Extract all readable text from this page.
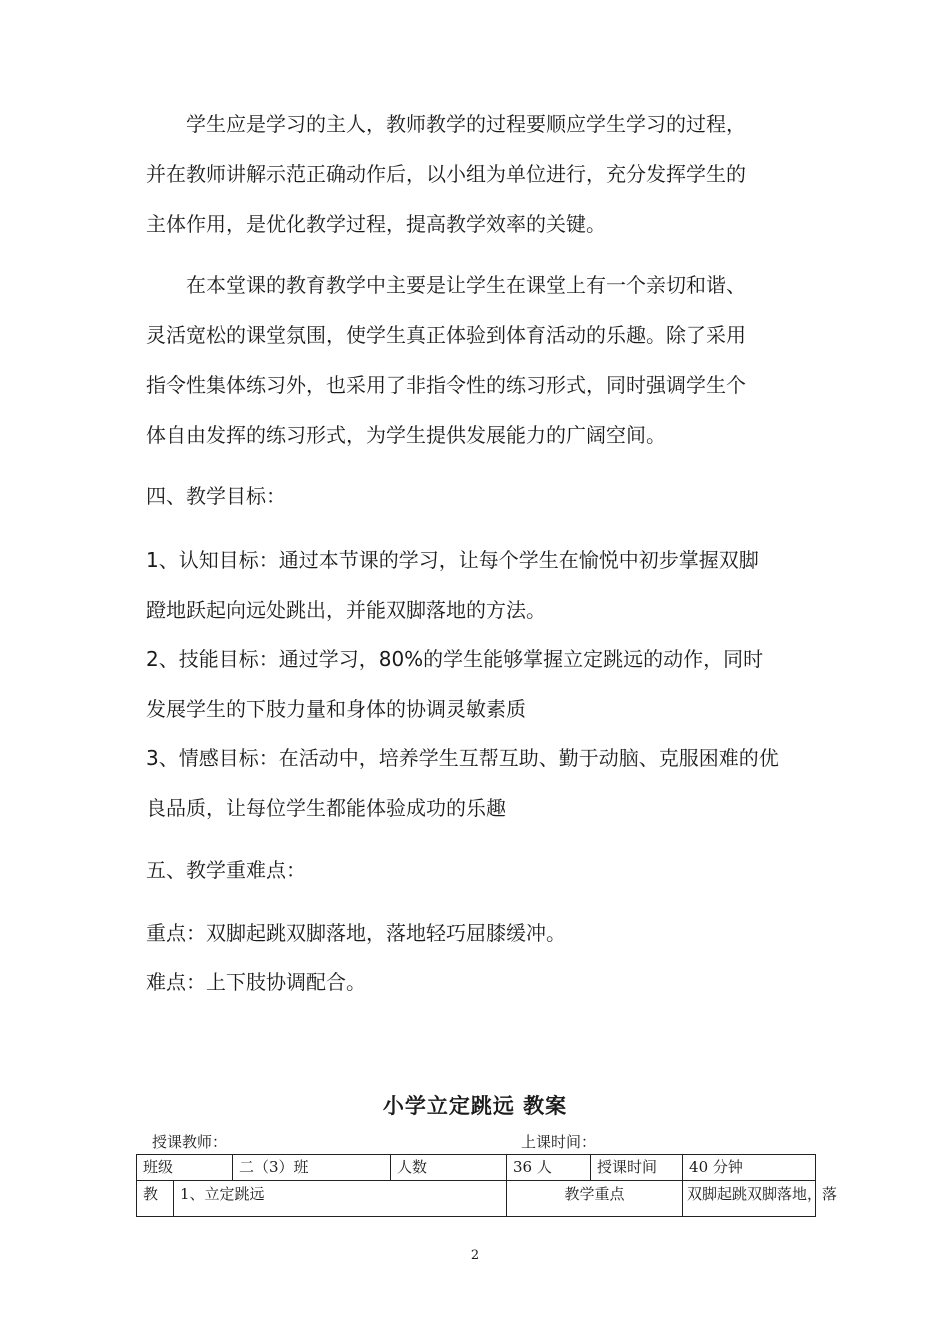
学生应是学习的主人，教师教学的过程要顺应学生学习的过程，
并在教师讲解示范正确动作后，以小组为单位进行，充分发挥学生的
主体作用，是优化教学过程，提高教学效率的关键。
在本堂课的教育教学中主要是让学生在课堂上有一个亲切和谐、
灵活宽松的课堂氛围，使学生真正体验到体育活动的乐趣。除了采用
指令性集体练习外，也采用了非指令性的练习形式，同时强调学生个
体自由发挥的练习形式，为学生提供发展能力的广阔空间。

四、教学目标：

1、认知目标：通过本节课的学习，让每个学生在愉悦中初步掌握双脚
蹬地跃起向远处跳出，并能双脚落地的方法。
2、技能目标：通过学习，80%的学生能够掌握立定跳远的动作，同时
发展学生的下肢力量和身体的协调灵敏素质
3、情感目标：在活动中，培养学生互帮互助、勤于动脑、克服困难的优
良品质，让每位学生都能体验成功的乐趣

五、教学重难点：

重点：双脚起跳双脚落地，落地轻巧屈膝缓冲。

难点：上下肢协调配合。

小学立定跳远 教案
授课教师：	上课时间：
班级		二（3）班	人数	36 人	授课时间	40 分钟
教	1、立定跳远			教学重点		双脚起跳双脚落地，落
2
